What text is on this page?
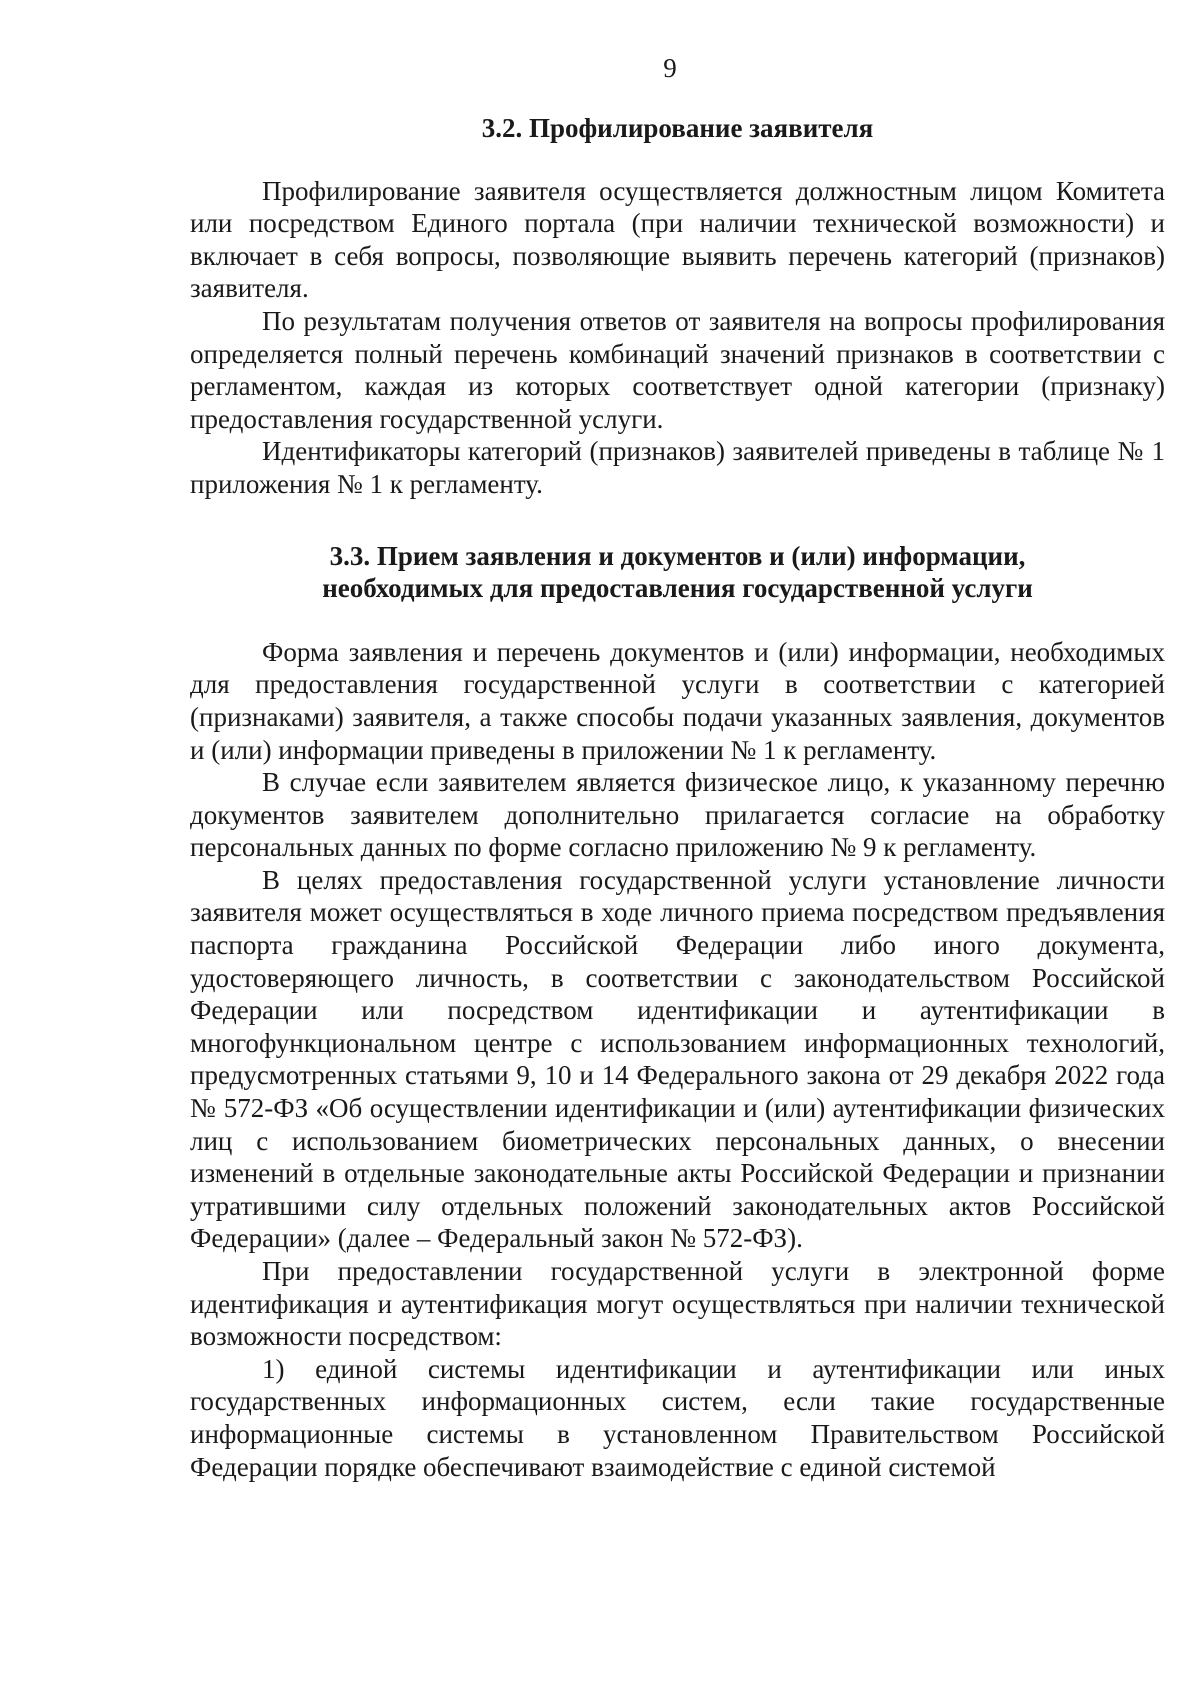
9
3.2. Профилирование заявителя

Профилирование заявителя осуществляется должностным лицом Комитета или посредством Единого портала (при наличии технической возможности) и включает в себя вопросы, позволяющие выявить перечень категорий (признаков) заявителя.

По результатам получения ответов от заявителя на вопросы профилирования определяется полный перечень комбинаций значений признаков в соответствии с регламентом, каждая из которых соответствует одной категории (признаку) предоставления государственной услуги.

Идентификаторы категорий (признаков) заявителей приведены в таблице № 1 приложения № 1 к регламенту.

3.3. Прием заявления и документов и (или) информации,
необходимых для предоставления государственной услуги

Форма заявления и перечень документов и (или) информации, необходимых для предоставления государственной услуги в соответствии с категорией (признаками) заявителя, а также способы подачи указанных заявления, документов и (или) информации приведены в приложении № 1 к регламенту.

В случае если заявителем является физическое лицо, к указанному перечню документов заявителем дополнительно прилагается согласие на обработку персональных данных по форме согласно приложению № 9 к регламенту.

В целях предоставления государственной услуги установление личности заявителя может осуществляться в ходе личного приема посредством предъявления паспорта гражданина Российской Федерации либо иного документа, удостоверяющего личность, в соответствии с законодательством Российской Федерации или посредством идентификации и аутентификации в многофункциональном центре с использованием информационных технологий, предусмотренных статьями 9, 10 и 14 Федерального закона от 29 декабря 2022 года № 572-ФЗ «Об осуществлении идентификации и (или) аутентификации физических лиц с использованием биометрических персональных данных, о внесении изменений в отдельные законодательные акты Российской Федерации и признании утратившими силу отдельных положений законодательных актов Российской Федерации» (далее – Федеральный закон № 572-ФЗ).

При предоставлении государственной услуги в электронной форме идентификация и аутентификация могут осуществляться при наличии технической возможности посредством:

1) единой системы идентификации и аутентификации или иных государственных информационных систем, если такие государственные информационные системы в установленном Правительством Российской Федерации порядке обеспечивают взаимодействие с единой системой
